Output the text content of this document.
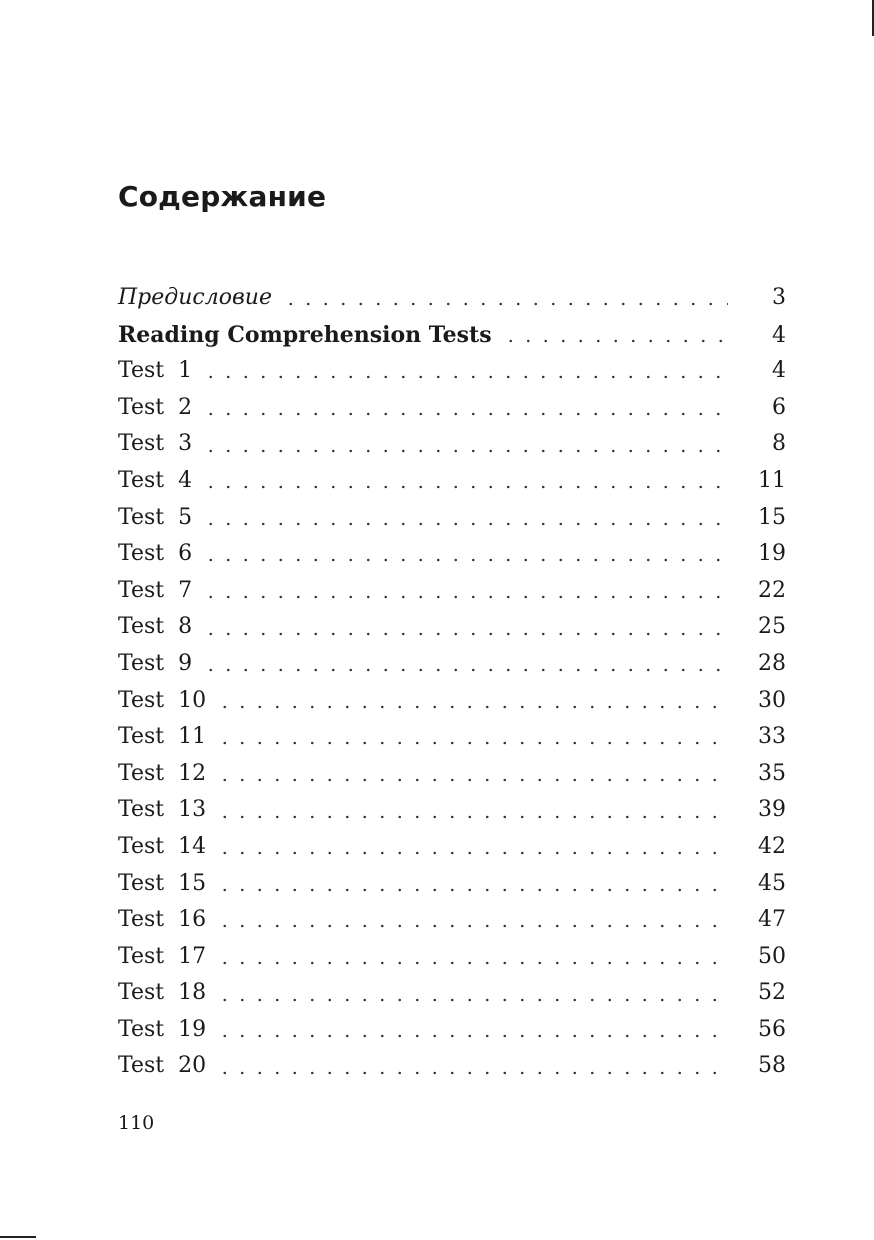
Содержание
Предисловие	3
Reading Comprehension Tests	4
Test  1	4
Test  2	6
Test  3	8
Test  4	11
Test  5	15
Test  6	19
Test  7	22
Test  8	25
Test  9	28
Test  10	30
Test  11	33
Test  12	35
Test  13	39
Test  14	42
Test  15	45
Test  16	47
Test  17	50
Test  18	52
Test  19	56
Test  20	58
110
